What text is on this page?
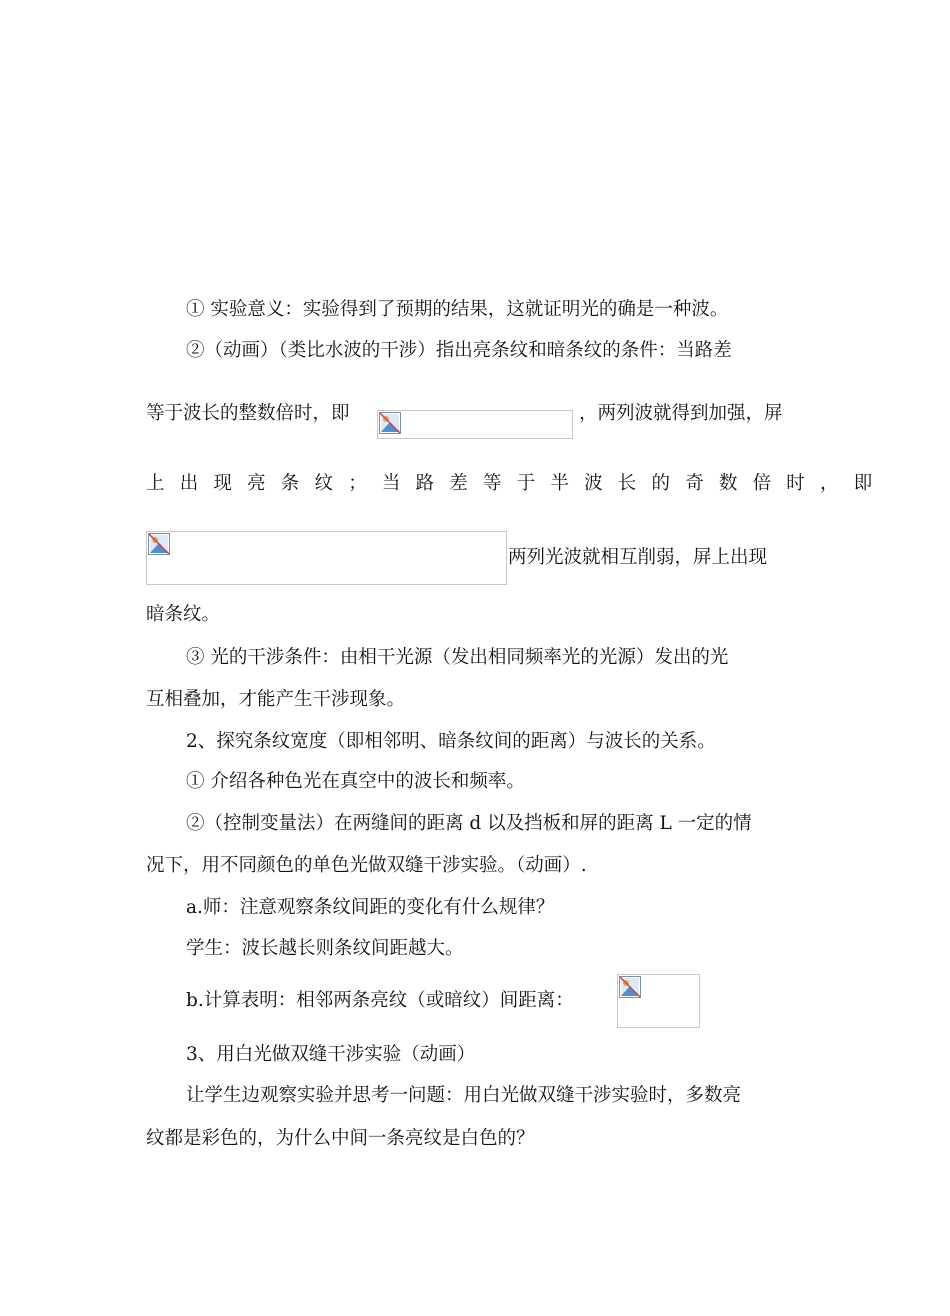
① 实验意义：实验得到了预期的结果，这就证明光的确是一种波。
②（动画）（类比水波的干涉）指出亮条纹和暗条纹的条件：当路差
等于波长的整数倍时，即	，两列波就得到加强，屏
上出现亮条纹；当路差等于半波长的奇数倍时，即
两列光波就相互削弱，屏上出现
暗条纹。
③ 光的干涉条件：由相干光源（发出相同频率光的光源）发出的光
互相叠加，才能产生干涉现象。
2、探究条纹宽度（即相邻明、暗条纹间的距离）与波长的关系。
① 介绍各种色光在真空中的波长和频率。
②（控制变量法）在两缝间的距离 d 以及挡板和屏的距离 L 一定的情
况下，用不同颜色的单色光做双缝干涉实验。（动画）.
a.师：注意观察条纹间距的变化有什么规律？
学生：波长越长则条纹间距越大。
b.计算表明：相邻两条亮纹（或暗纹）间距离：
3、用白光做双缝干涉实验（动画）
让学生边观察实验并思考一问题：用白光做双缝干涉实验时，多数亮
纹都是彩色的，为什么中间一条亮纹是白色的？
